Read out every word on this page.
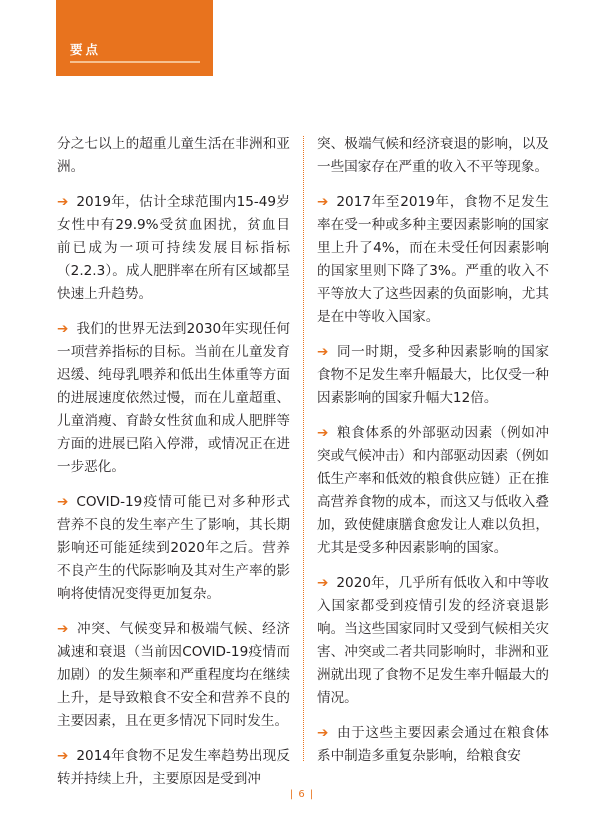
要点

分之七以上的超重儿童生活在非洲和亚洲。

➔ 2019年，估计全球范围内15-49岁女性中有29.9%受贫血困扰，贫血目前已成为一项可持续发展目标指标（2.2.3）。成人肥胖率在所有区域都呈快速上升趋势。

➔ 我们的世界无法到2030年实现任何一项营养指标的目标。当前在儿童发育迟缓、纯母乳喂养和低出生体重等方面的进展速度依然过慢，而在儿童超重、儿童消瘦、育龄女性贫血和成人肥胖等方面的进展已陷入停滞，或情况正在进一步恶化。

➔ COVID-19疫情可能已对多种形式营养不良的发生率产生了影响，其长期影响还可能延续到2020年之后。营养不良产生的代际影响及其对生产率的影响将使情况变得更加复杂。

➔ 冲突、气候变异和极端气候、经济减速和衰退（当前因COVID-19疫情而加剧）的发生频率和严重程度均在继续上升，是导致粮食不安全和营养不良的主要因素，且在更多情况下同时发生。

➔ 2014年食物不足发生率趋势出现反转并持续上升，主要原因是受到冲

突、极端气候和经济衰退的影响，以及一些国家存在严重的收入不平等现象。

➔ 2017年至2019年，食物不足发生率在受一种或多种主要因素影响的国家里上升了4%，而在未受任何因素影响的国家里则下降了3%。严重的收入不平等放大了这些因素的负面影响，尤其是在中等收入国家。

➔ 同一时期，受多种因素影响的国家食物不足发生率升幅最大，比仅受一种因素影响的国家升幅大12倍。

➔ 粮食体系的外部驱动因素（例如冲突或气候冲击）和内部驱动因素（例如低生产率和低效的粮食供应链）正在推高营养食物的成本，而这又与低收入叠加，致使健康膳食愈发让人难以负担，尤其是受多种因素影响的国家。

➔ 2020年，几乎所有低收入和中等收入国家都受到疫情引发的经济衰退影响。当这些国家同时又受到气候相关灾害、冲突或二者共同影响时，非洲和亚洲就出现了食物不足发生率升幅最大的情况。

➔ 由于这些主要因素会通过在粮食体系中制造多重复杂影响，给粮食安

| 6 |
